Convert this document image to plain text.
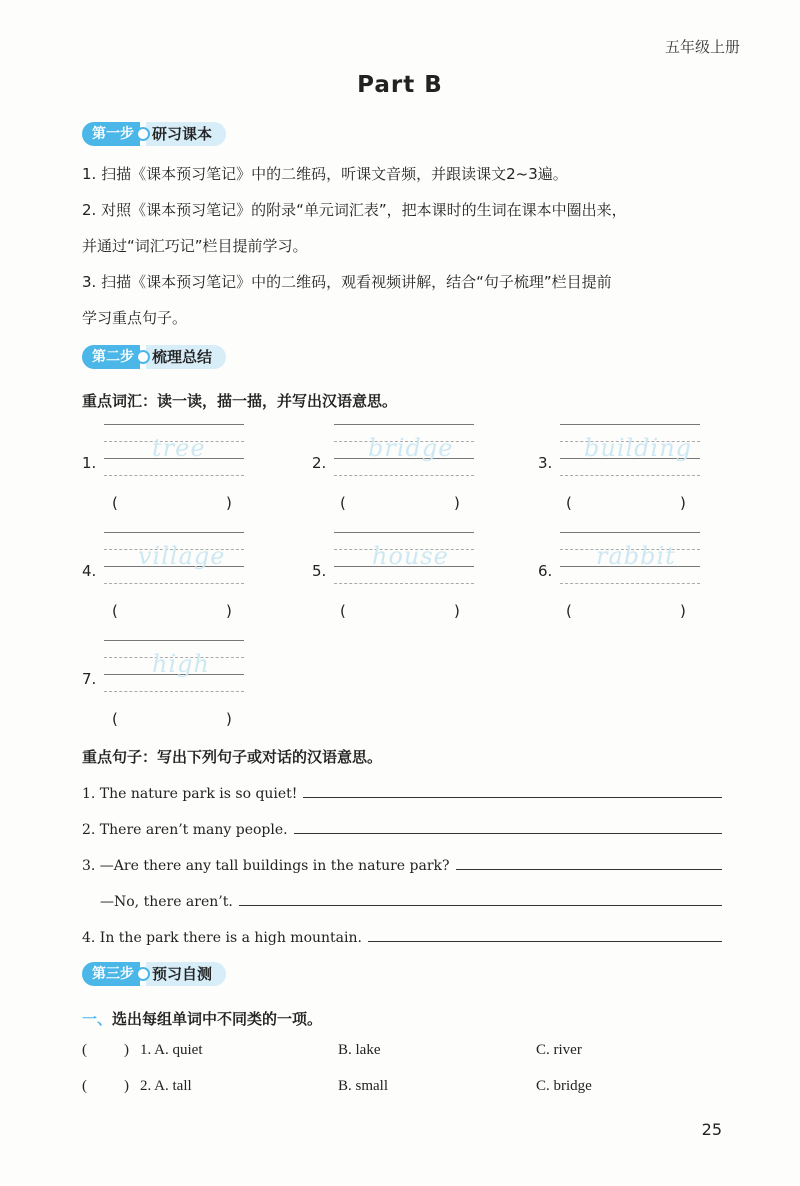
五年级上册
Part B
第一步	研习课本
1. 扫描《课本预习笔记》中的二维码，听课文音频，并跟读课文2~3遍。
2. 对照《课本预习笔记》的附录“单元词汇表”，把本课时的生词在课本中圈出来，
并通过“词汇巧记”栏目提前学习。
3. 扫描《课本预习笔记》中的二维码，观看视频讲解，结合“句子梳理”栏目提前
学习重点句子。
第二步	梳理总结
重点词汇：读一读，描一描，并写出汉语意思。
1.
tree
(	)
2.
bridge
(	)
3.
building
(	)
4.
village
(	)
5.
house
(	)
6.
rabbit
(	)
7.
high
(	)
重点句子：写出下列句子或对话的汉语意思。
1. The nature park is so quiet!
2. There aren’t many people.
3. —Are there any tall buildings in the nature park?
—No, there aren’t.
4. In the park there is a high mountain.
第三步	预习自测
一、选出每组单词中不同类的一项。
( ) 1. A. quiet	B. lake	C. river
( ) 2. A. tall	B. small	C. bridge
25
